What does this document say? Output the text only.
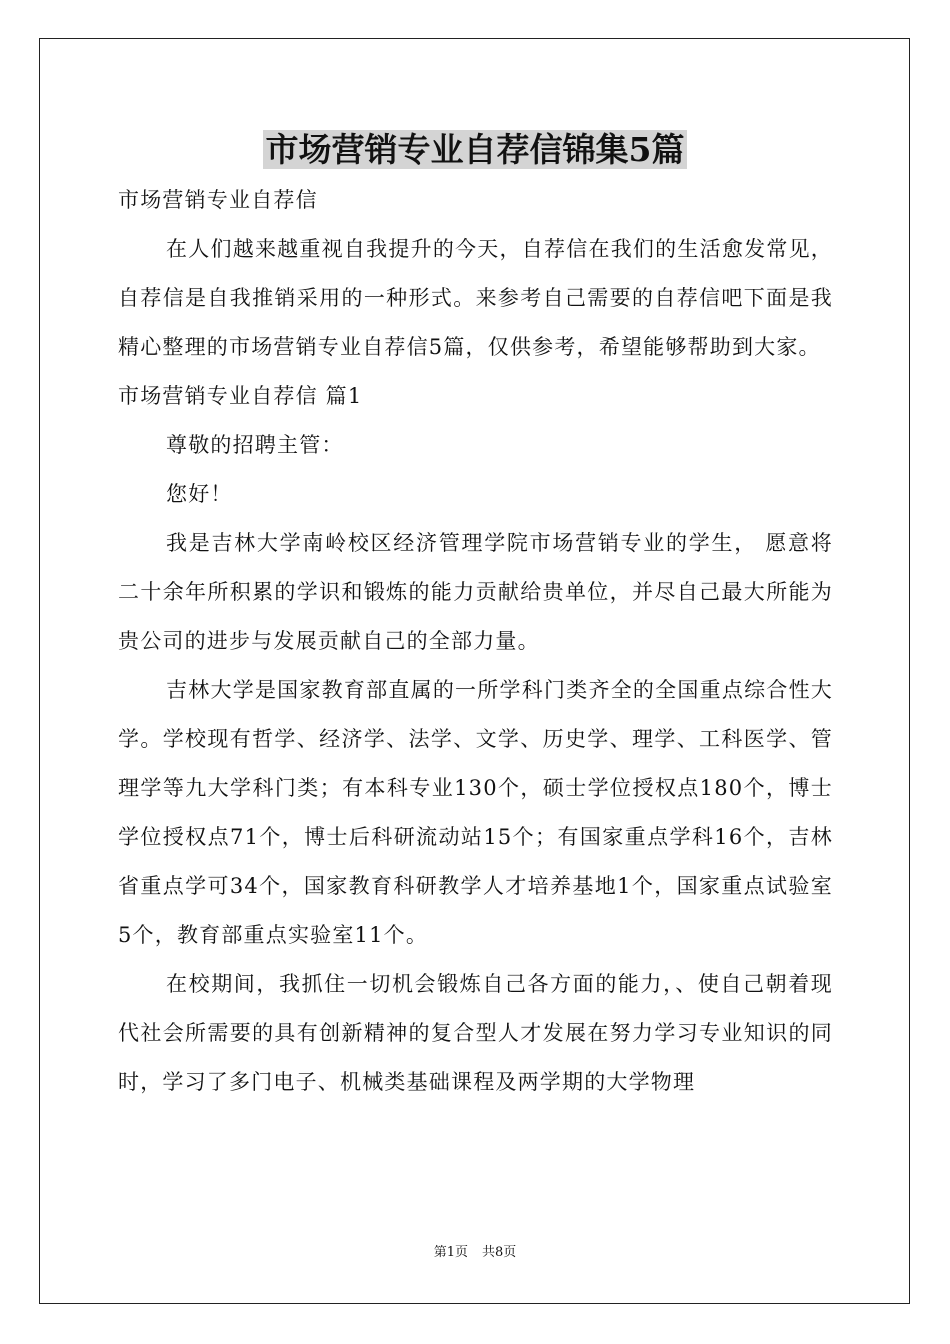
市场营销专业自荐信锦集5篇

市场营销专业自荐信

在人们越来越重视自我提升的今天，自荐信在我们的生活愈发常见，自荐信是自我推销采用的一种形式。来参考自己需要的自荐信吧下面是我精心整理的市场营销专业自荐信5篇，仅供参考，希望能够帮助到大家。

市场营销专业自荐信 篇1

尊敬的招聘主管：

您好！

我是吉林大学南岭校区经济管理学院市场营销专业的学生， 愿意将二十余年所积累的学识和锻炼的能力贡献给贵单位，并尽自己最大所能为贵公司的进步与发展贡献自己的全部力量。

吉林大学是国家教育部直属的一所学科门类齐全的全国重点综合性大学。学校现有哲学、经济学、法学、文学、历史学、理学、工科医学、管理学等九大学科门类；有本科专业130个，硕士学位授权点180个，博士学位授权点71个，博士后科研流动站15个；有国家重点学科16个，吉林省重点学可34个，国家教育科研教学人才培养基地1个，国家重点试验室5个，教育部重点实验室11个。

在校期间，我抓住一切机会锻炼自己各方面的能力，、使自己朝着现代社会所需要的具有创新精神的复合型人才发展在努力学习专业知识的同时，学习了多门电子、机械类基础课程及两学期的大学物理

第1页 共8页
